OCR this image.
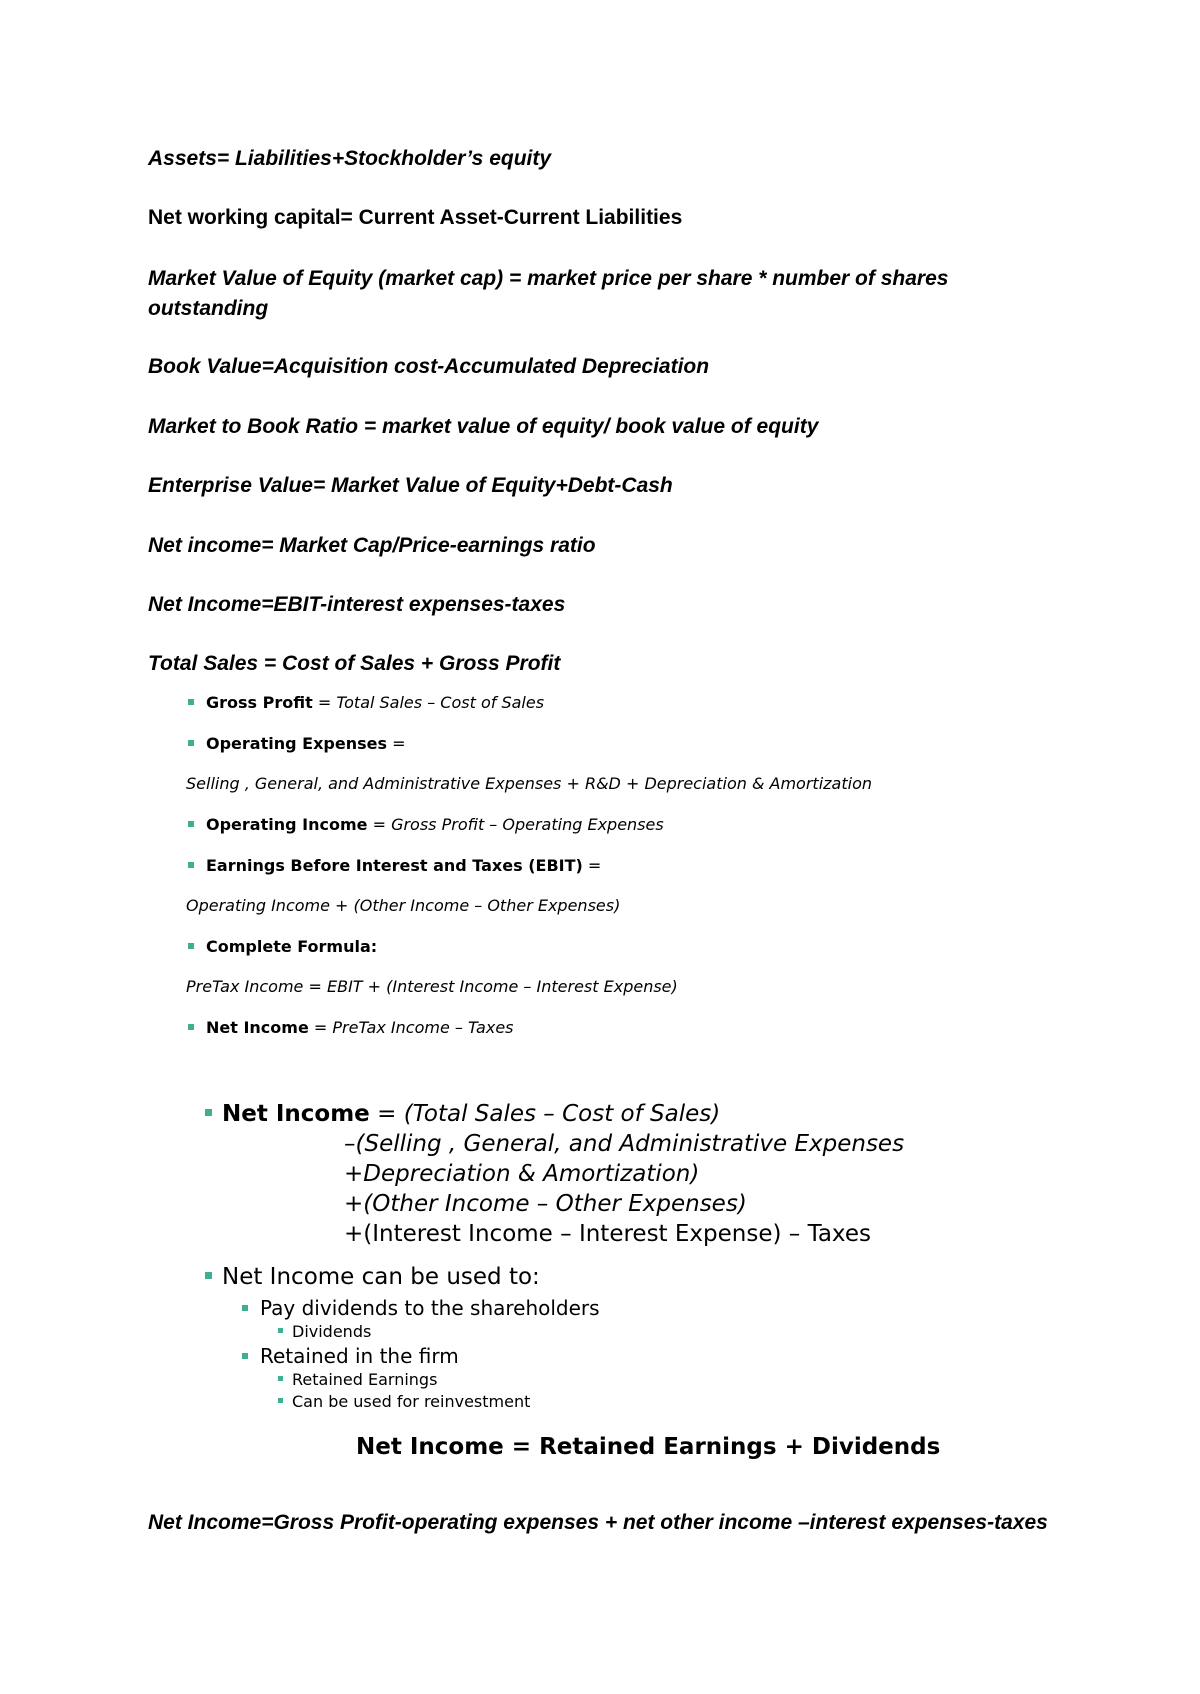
Assets= Liabilities+Stockholder’s equity

Net working capital= Current Asset-Current Liabilities

Market Value of Equity (market cap) = market price per share * number of shares outstanding

Book Value=Acquisition cost-Accumulated Depreciation

Market to Book Ratio = market value of equity/ book value of equity

Enterprise Value= Market Value of Equity+Debt-Cash

Net income= Market Cap/Price-earnings ratio

Net Income=EBIT-interest expenses-taxes

Total Sales = Cost of Sales + Gross Profit

Gross Profit = Total Sales – Cost of Sales

Operating Expenses =

Selling , General, and Administrative Expenses + R&D + Depreciation & Amortization

Operating Income = Gross Profit – Operating Expenses

Earnings Before Interest and Taxes (EBIT) =

Operating Income + (Other Income – Other Expenses)

Complete Formula:

PreTax Income = EBIT + (Interest Income – Interest Expense)

Net Income = PreTax Income – Taxes

Net Income = (Total Sales – Cost of Sales)

–(Selling , General, and Administrative Expenses

+Depreciation & Amortization)

+(Other Income – Other Expenses)

+(Interest Income – Interest Expense) – Taxes

Net Income can be used to:

Pay dividends to the shareholders

Dividends

Retained in the firm

Retained Earnings

Can be used for reinvestment

Net Income = Retained Earnings + Dividends

Net Income=Gross Profit-operating expenses + net other income –interest expenses-taxes
